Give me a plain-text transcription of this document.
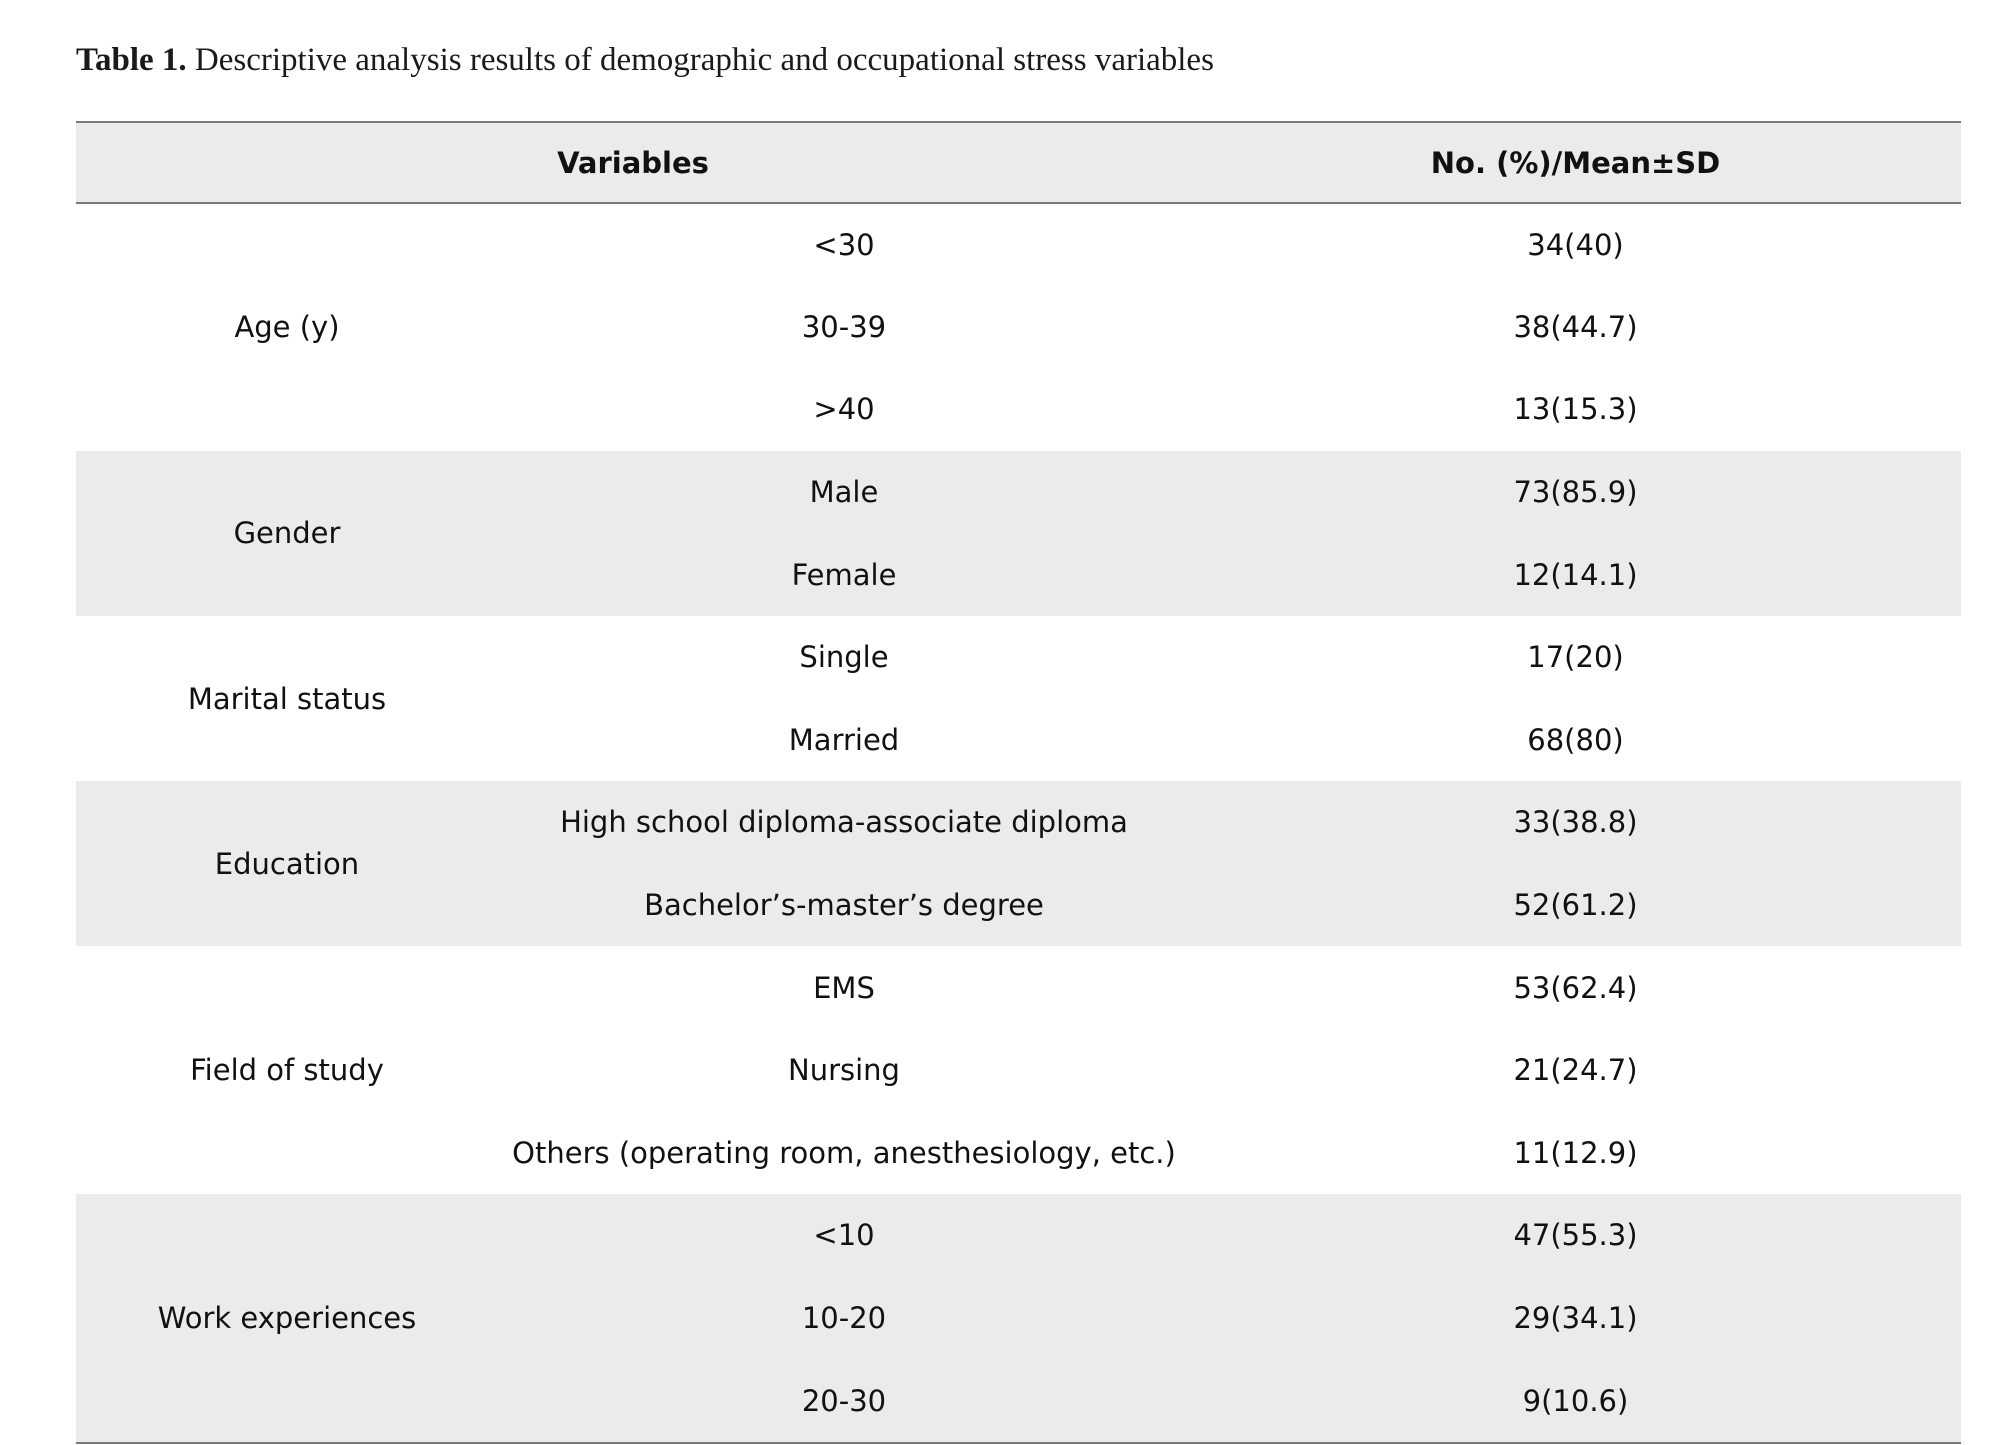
Table 1. Descriptive analysis results of demographic and occupational stress variables
Variables		No. (%)/Mean±SD
Age (y)	<30	34(40)
	30-39	38(44.7)
	>40	13(15.3)
Gender	Male	73(85.9)
	Female	12(14.1)
Marital status	Single	17(20)
	Married	68(80)
Education	High school diploma-associate diploma	33(38.8)
	Bachelor’s-master’s degree	52(61.2)
Field of study	EMS	53(62.4)
	Nursing	21(24.7)
	Others (operating room, anesthesiology, etc.)	11(12.9)
Work experiences	<10	47(55.3)
	10-20	29(34.1)
	20-30	9(10.6)
